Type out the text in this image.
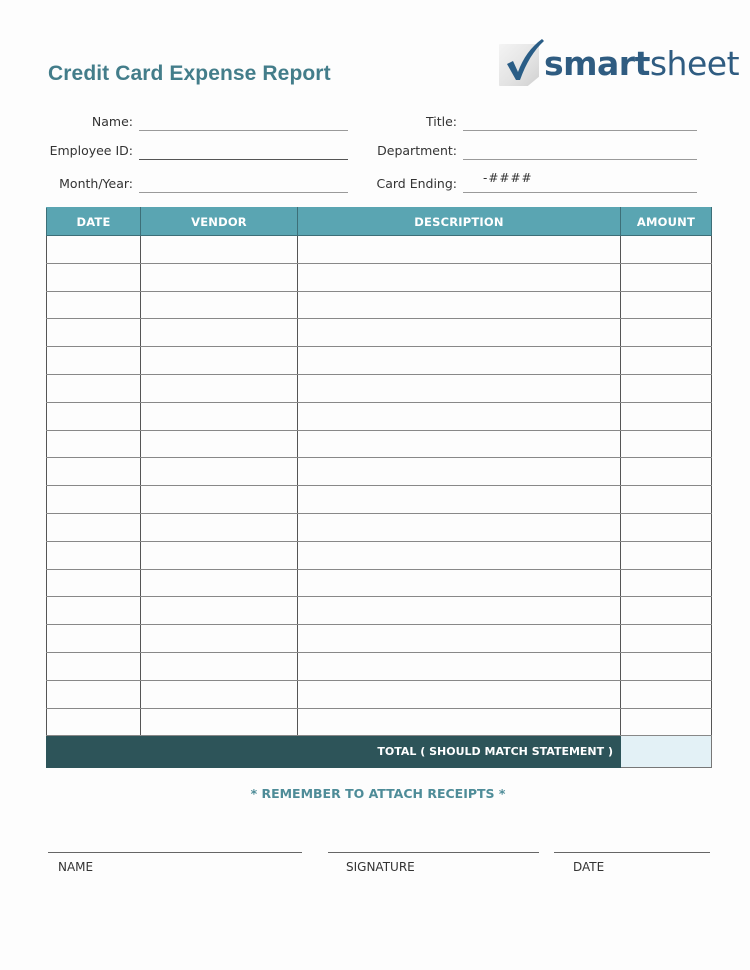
Credit Card Expense Report	smartsheet
Name:
Employee ID:
Month/Year:
Title:
Department:
Card Ending: -####
DATE	VENDOR	DESCRIPTION	AMOUNT

TOTAL ( SHOULD MATCH STATEMENT )			
* REMEMBER TO ATTACH RECEIPTS *
NAME	SIGNATURE	DATE
